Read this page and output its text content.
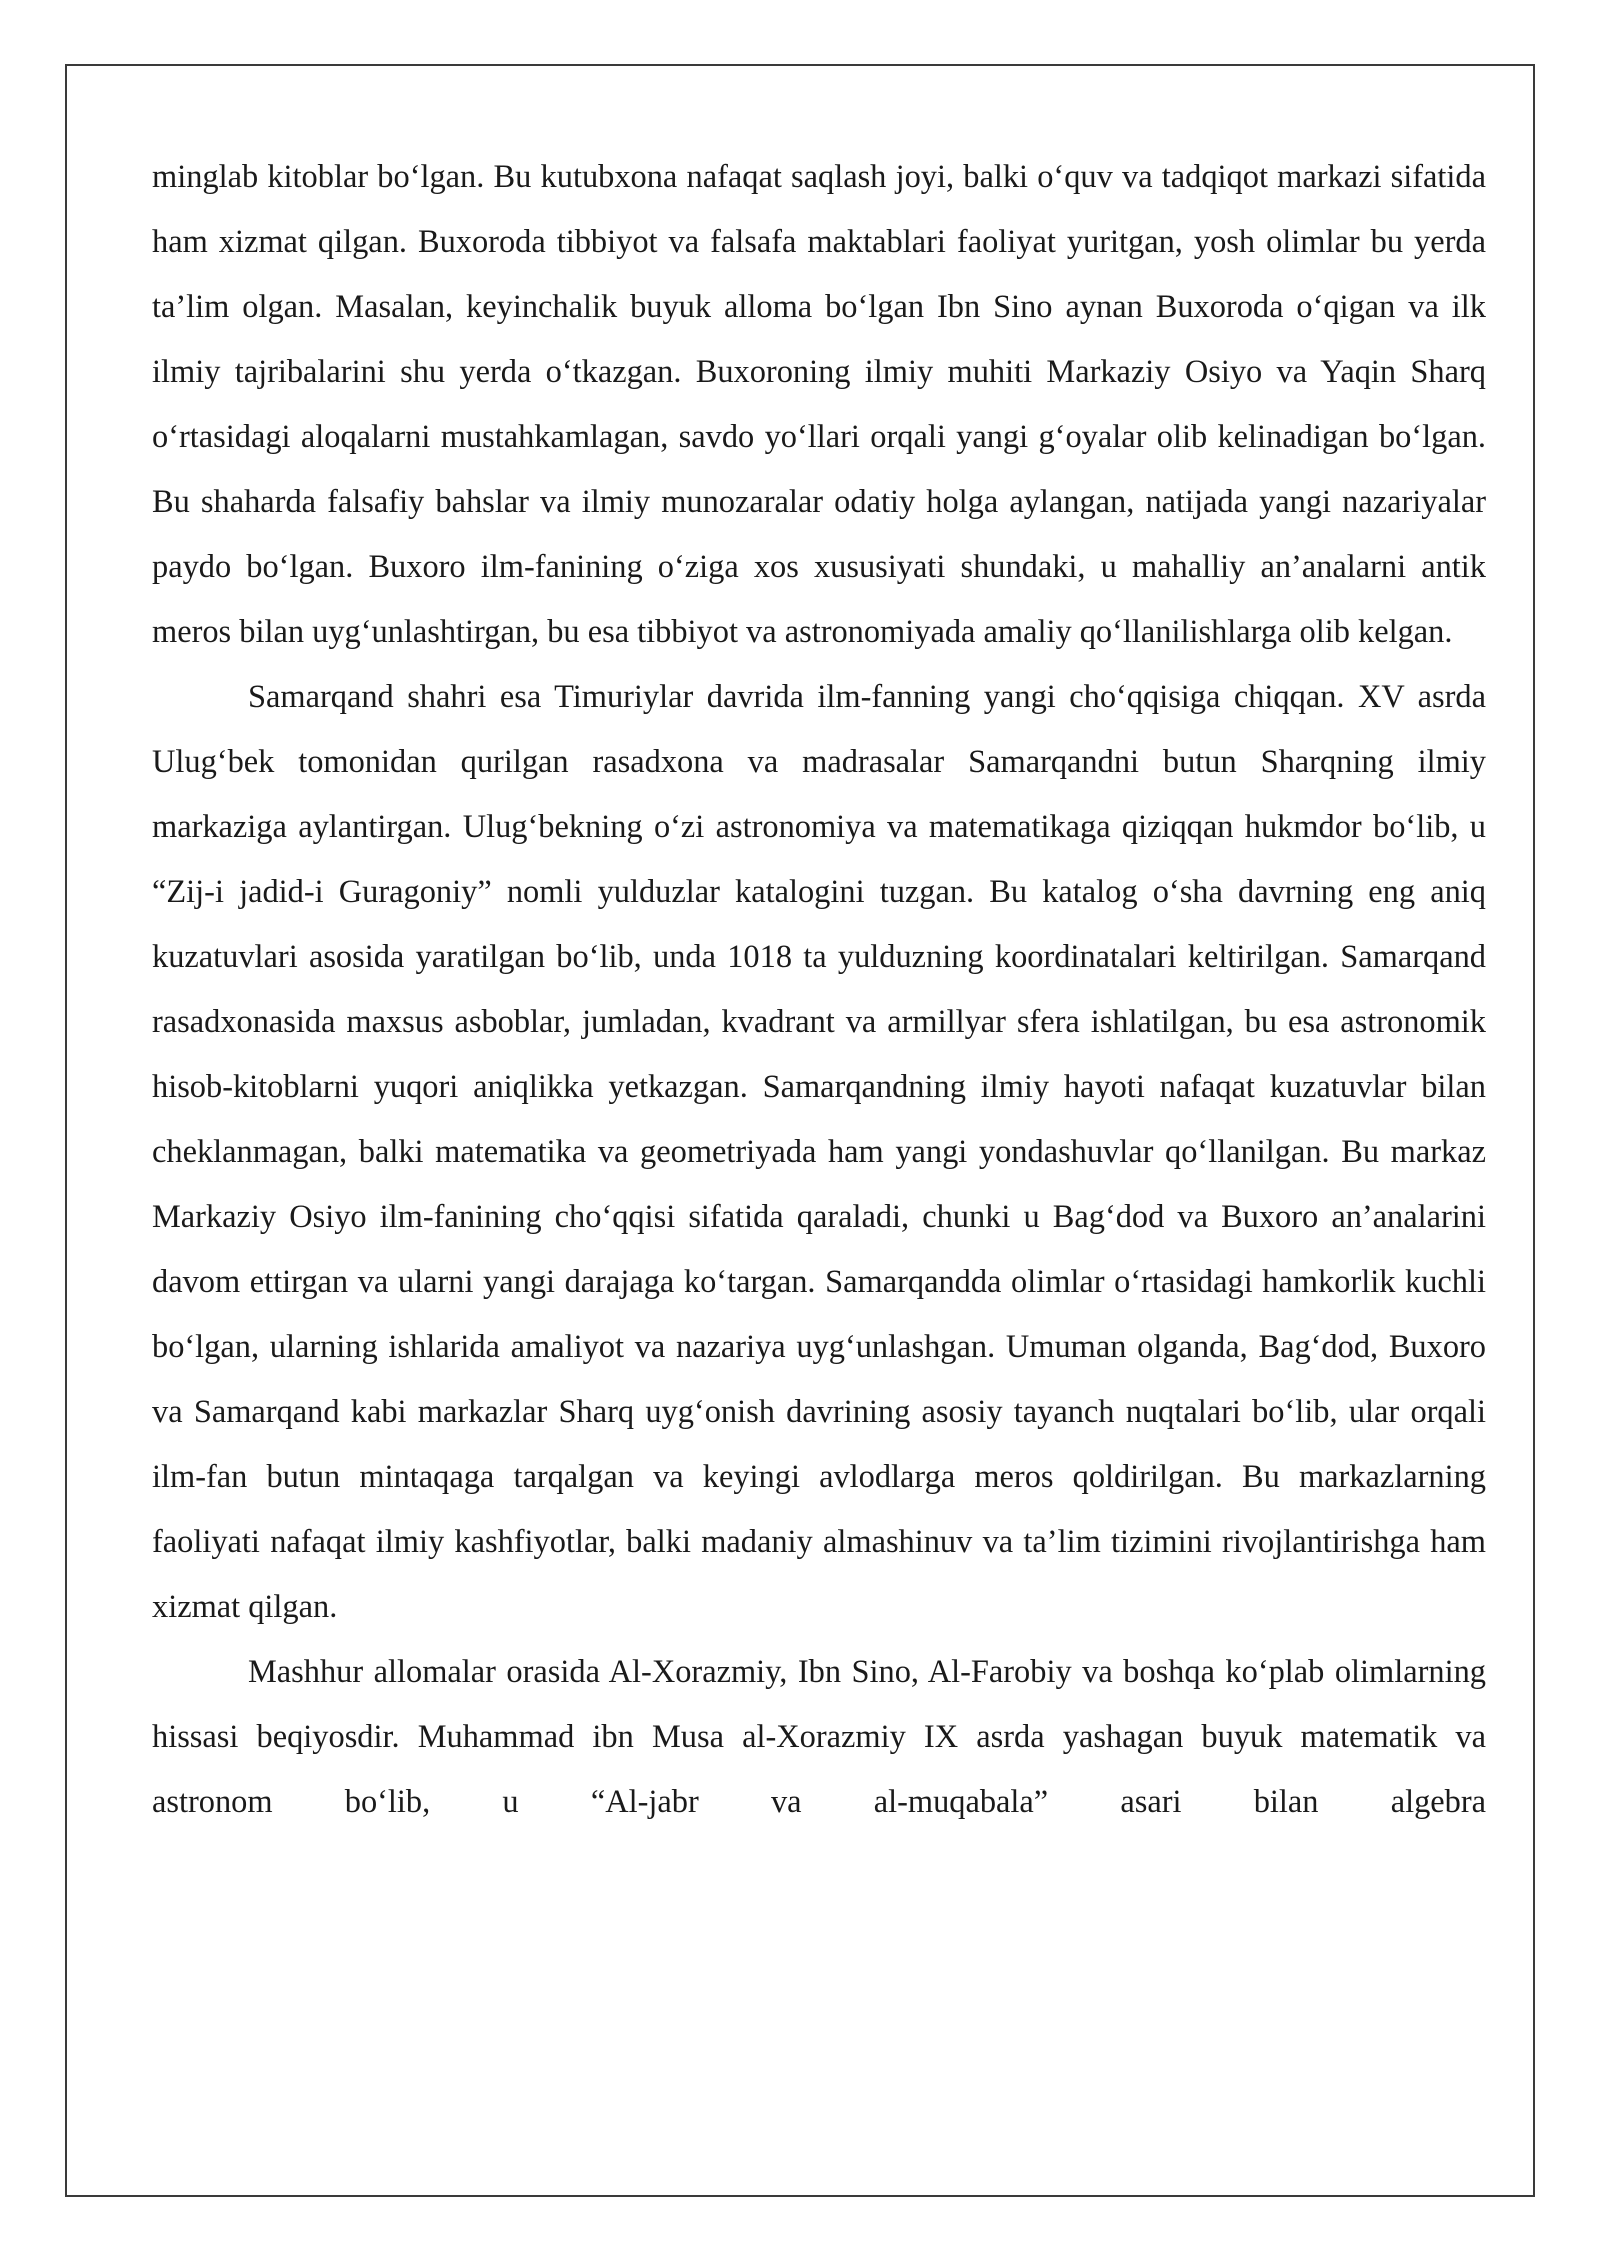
minglab kitoblar bo‘lgan. Bu kutubxona nafaqat saqlash joyi, balki o‘quv va tadqiqot markazi sifatida ham xizmat qilgan. Buxoroda tibbiyot va falsafa maktablari faoliyat yuritgan, yosh olimlar bu yerda ta’lim olgan. Masalan, keyinchalik buyuk alloma bo‘lgan Ibn Sino aynan Buxoroda o‘qigan va ilk ilmiy tajribalarini shu yerda o‘tkazgan. Buxoroning ilmiy muhiti Markaziy Osiyo va Yaqin Sharq o‘rtasidagi aloqalarni mustahkamlagan, savdo yo‘llari orqali yangi g‘oyalar olib kelinadigan bo‘lgan. Bu shaharda falsafiy bahslar va ilmiy munozaralar odatiy holga aylangan, natijada yangi nazariyalar paydo bo‘lgan. Buxoro ilm-fanining o‘ziga xos xususiyati shundaki, u mahalliy an’analarni antik meros bilan uyg‘unlashtirgan, bu esa tibbiyot va astronomiyada amaliy qo‘llanilishlarga olib kelgan.

Samarqand shahri esa Timuriylar davrida ilm-fanning yangi cho‘qqisiga chiqqan. XV asrda Ulug‘bek tomonidan qurilgan rasadxona va madrasalar Samarqandni butun Sharqning ilmiy markaziga aylantirgan. Ulug‘bekning o‘zi astronomiya va matematikaga qiziqqan hukmdor bo‘lib, u “Zij-i jadid-i Guragoniy” nomli yulduzlar katalogini tuzgan. Bu katalog o‘sha davrning eng aniq kuzatuvlari asosida yaratilgan bo‘lib, unda 1018 ta yulduzning koordinatalari keltirilgan. Samarqand rasadxonasida maxsus asboblar, jumladan, kvadrant va armillyar sfera ishlatilgan, bu esa astronomik hisob-kitoblarni yuqori aniqlikka yetkazgan. Samarqandning ilmiy hayoti nafaqat kuzatuvlar bilan cheklanmagan, balki matematika va geometriyada ham yangi yondashuvlar qo‘llanilgan. Bu markaz Markaziy Osiyo ilm-fanining cho‘qqisi sifatida qaraladi, chunki u Bag‘dod va Buxoro an’analarini davom ettirgan va ularni yangi darajaga ko‘targan. Samarqandda olimlar o‘rtasidagi hamkorlik kuchli bo‘lgan, ularning ishlarida amaliyot va nazariya uyg‘unlashgan. Umuman olganda, Bag‘dod, Buxoro va Samarqand kabi markazlar Sharq uyg‘onish davrining asosiy tayanch nuqtalari bo‘lib, ular orqali ilm-fan butun mintaqaga tarqalgan va keyingi avlodlarga meros qoldirilgan. Bu markazlarning faoliyati nafaqat ilmiy kashfiyotlar, balki madaniy almashinuv va ta’lim tizimini rivojlantirishga ham xizmat qilgan.

Mashhur allomalar orasida Al-Xorazmiy, Ibn Sino, Al-Farobiy va boshqa ko‘plab olimlarning hissasi beqiyosdir. Muhammad ibn Musa al-Xorazmiy IX asrda yashagan buyuk matematik va astronom bo‘lib, u “Al-jabr va al-muqabala” asari bilan algebra
